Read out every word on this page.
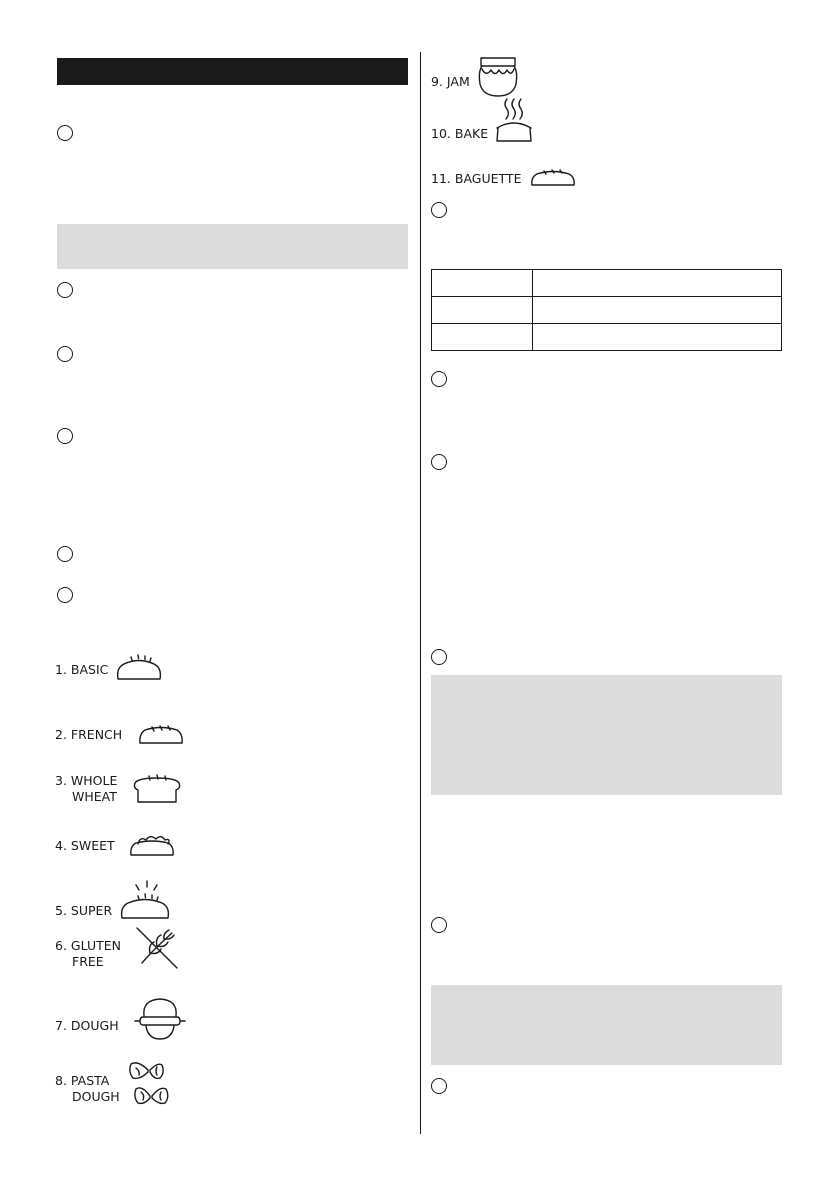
1. BASIC
2. FRENCH
3. WHOLE
WHEAT
4. SWEET
5. SUPER
6. GLUTEN
FREE
7. DOUGH
8. PASTA
DOUGH
9. JAM
10. BAKE
11. BAGUETTE
